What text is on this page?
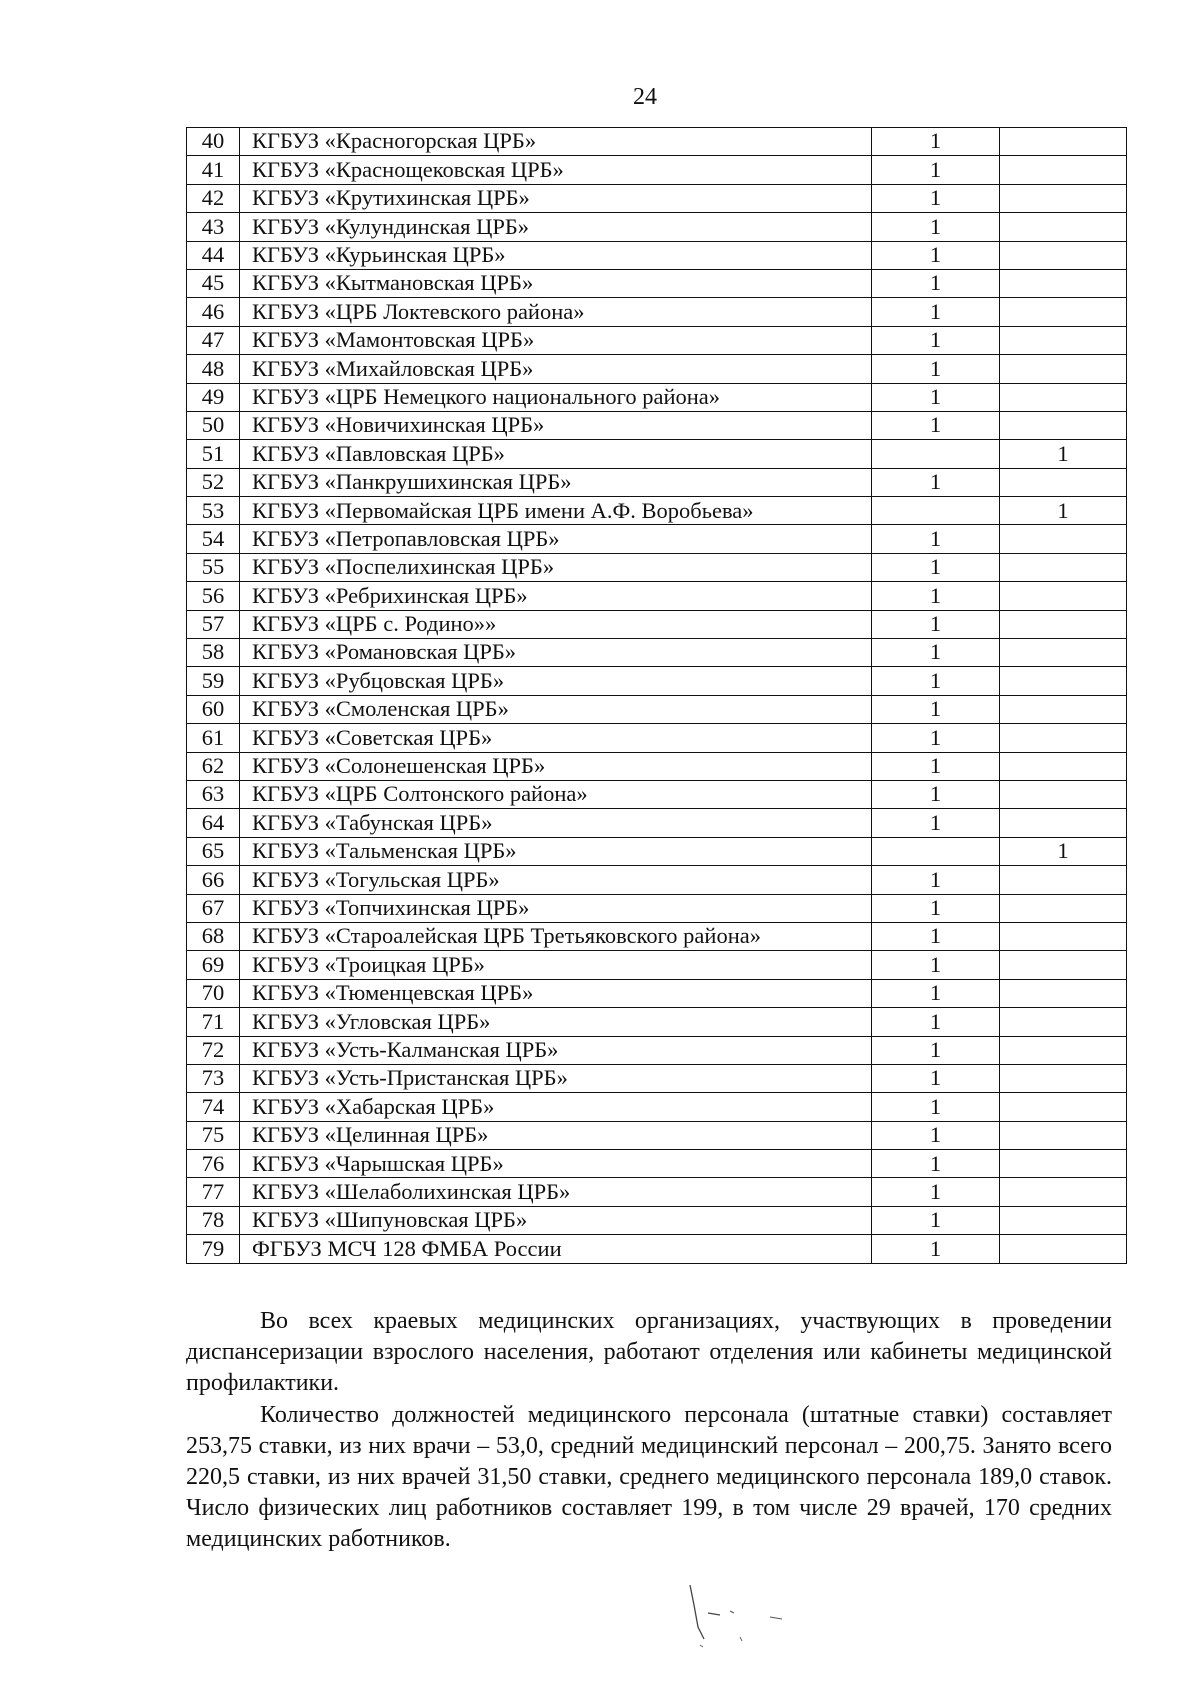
24
40	КГБУЗ «Красногорская ЦРБ»	1	
41	КГБУЗ «Краснощековская ЦРБ»	1	
42	КГБУЗ «Крутихинская ЦРБ»	1	
43	КГБУЗ «Кулундинская ЦРБ»	1	
44	КГБУЗ «Курьинская ЦРБ»	1	
45	КГБУЗ «Кытмановская ЦРБ»	1	
46	КГБУЗ «ЦРБ Локтевского района»	1	
47	КГБУЗ «Мамонтовская ЦРБ»	1	
48	КГБУЗ «Михайловская ЦРБ»	1	
49	КГБУЗ «ЦРБ Немецкого национального района»	1	
50	КГБУЗ «Новичихинская ЦРБ»	1	
51	КГБУЗ «Павловская ЦРБ»		1
52	КГБУЗ «Панкрушихинская ЦРБ»	1	
53	КГБУЗ «Первомайская ЦРБ имени А.Ф. Воробьева»		1
54	КГБУЗ «Петропавловская ЦРБ»	1	
55	КГБУЗ «Поспелихинская ЦРБ»	1	
56	КГБУЗ «Ребрихинская ЦРБ»	1	
57	КГБУЗ «ЦРБ с. Родино»»	1	
58	КГБУЗ «Романовская ЦРБ»	1	
59	КГБУЗ «Рубцовская ЦРБ»	1	
60	КГБУЗ «Смоленская ЦРБ»	1	
61	КГБУЗ «Советская ЦРБ»	1	
62	КГБУЗ «Солонешенская ЦРБ»	1	
63	КГБУЗ «ЦРБ Солтонского района»	1	
64	КГБУЗ «Табунская ЦРБ»	1	
65	КГБУЗ «Тальменская ЦРБ»		1
66	КГБУЗ «Тогульская ЦРБ»	1	
67	КГБУЗ «Топчихинская ЦРБ»	1	
68	КГБУЗ «Староалейская ЦРБ Третьяковского района»	1	
69	КГБУЗ «Троицкая ЦРБ»	1	
70	КГБУЗ «Тюменцевская ЦРБ»	1	
71	КГБУЗ «Угловская ЦРБ»	1	
72	КГБУЗ «Усть-Калманская ЦРБ»	1	
73	КГБУЗ «Усть-Пристанская ЦРБ»	1	
74	КГБУЗ «Хабарская ЦРБ»	1	
75	КГБУЗ «Целинная ЦРБ»	1	
76	КГБУЗ «Чарышская ЦРБ»	1	
77	КГБУЗ «Шелаболихинская ЦРБ»	1	
78	КГБУЗ «Шипуновская ЦРБ»	1	
79	ФГБУЗ МСЧ 128 ФМБА России	1	

Во всех краевых медицинских организациях, участвующих в проведении диспансеризации взрослого населения, работают отделения или кабинеты медицинской профилактики.

Количество должностей медицинского персонала (штатные ставки) составляет 253,75 ставки, из них врачи – 53,0, средний медицинский персонал – 200,75. Занято всего 220,5 ставки, из них врачей 31,50 ставки, среднего медицинского персонала 189,0 ставок. Число физических лиц работников составляет 199, в том числе 29 врачей, 170 средних медицинских работников.
